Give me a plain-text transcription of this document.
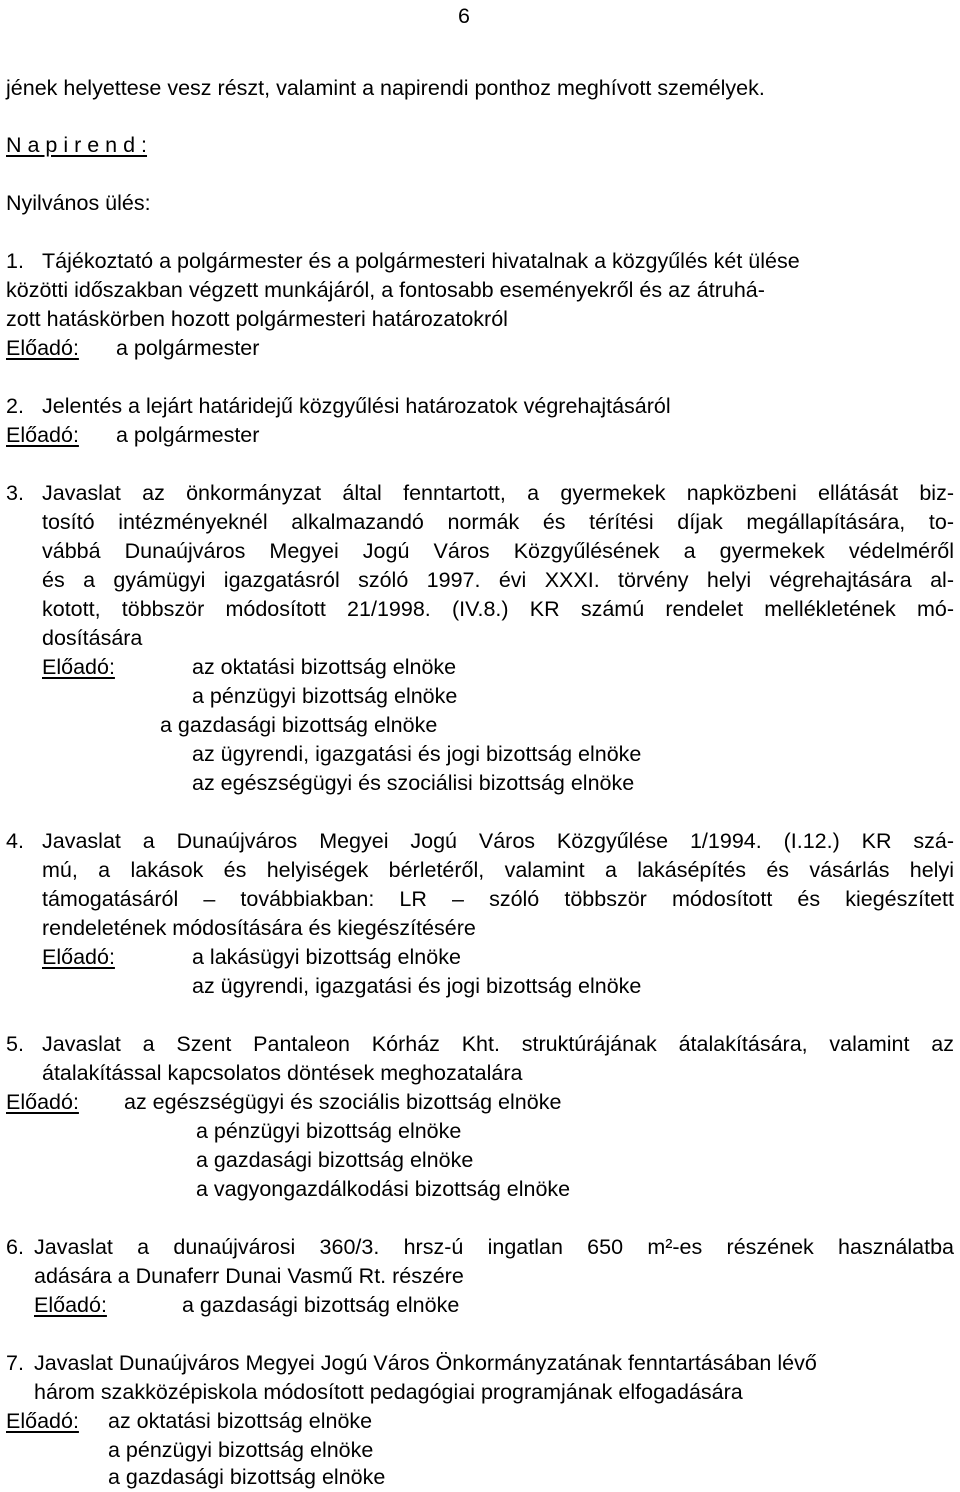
6
jének helyettese vesz részt, valamint a napirendi ponthoz meghívott személyek.
N a p i r e n d :
Nyilvános ülés:
1. Tájékoztató a polgármester és a polgármesteri hivatalnak a közgyűlés két ülése
közötti időszakban végzett munkájáról, a fontosabb eseményekről és az átruhá-
zott hatáskörben hozott polgármesteri határozatokról
Előadó: a polgármester
2. Jelentés a lejárt határidejű közgyűlési határozatok végrehajtásáról
Előadó: a polgármester
3. Javaslat az önkormányzat által fenntartott, a gyermekek napközbeni ellátását biz-
tosító intézményeknél alkalmazandó normák és térítési díjak megállapítására, to-
vábbá Dunaújváros Megyei Jogú Város Közgyűlésének a gyermekek védelméről
és a gyámügyi igazgatásról szóló 1997. évi XXXI. törvény helyi végrehajtására al-
kotott, többször módosított 21/1998. (IV.8.) KR számú rendelet mellékletének mó-
dosítására
Előadó:	az oktatási bizottság elnöke
a pénzügyi bizottság elnöke
a gazdasági bizottság elnöke
az ügyrendi, igazgatási és jogi bizottság elnöke
az egészségügyi és szociálisi bizottság elnöke
4. Javaslat a Dunaújváros Megyei Jogú Város Közgyűlése 1/1994. (I.12.) KR szá-
mú, a lakások és helyiségek bérletéről, valamint a lakásépítés és vásárlás helyi
támogatásáról – továbbiakban: LR – szóló többször módosított és kiegészített
rendeletének módosítására és kiegészítésére
Előadó:	a lakásügyi bizottság elnöke
az ügyrendi, igazgatási és jogi bizottság elnöke
5. Javaslat a Szent Pantaleon Kórház Kht. struktúrájának átalakítására, valamint az
átalakítással kapcsolatos döntések meghozatalára
Előadó: az egészségügyi és szociális bizottság elnöke
a pénzügyi bizottság elnöke
a gazdasági bizottság elnöke
a vagyongazdálkodási bizottság elnöke
6. Javaslat a dunaújvárosi 360/3. hrsz-ú ingatlan 650 m²-es részének használatba
adására a Dunaferr Dunai Vasmű Rt. részére
Előadó:	a gazdasági bizottság elnöke
7. Javaslat Dunaújváros Megyei Jogú Város Önkormányzatának fenntartásában lévő
három szakközépiskola módosított pedagógiai programjának elfogadására
Előadó: az oktatási bizottság elnöke
a pénzügyi bizottság elnöke
a gazdasági bizottság elnöke
